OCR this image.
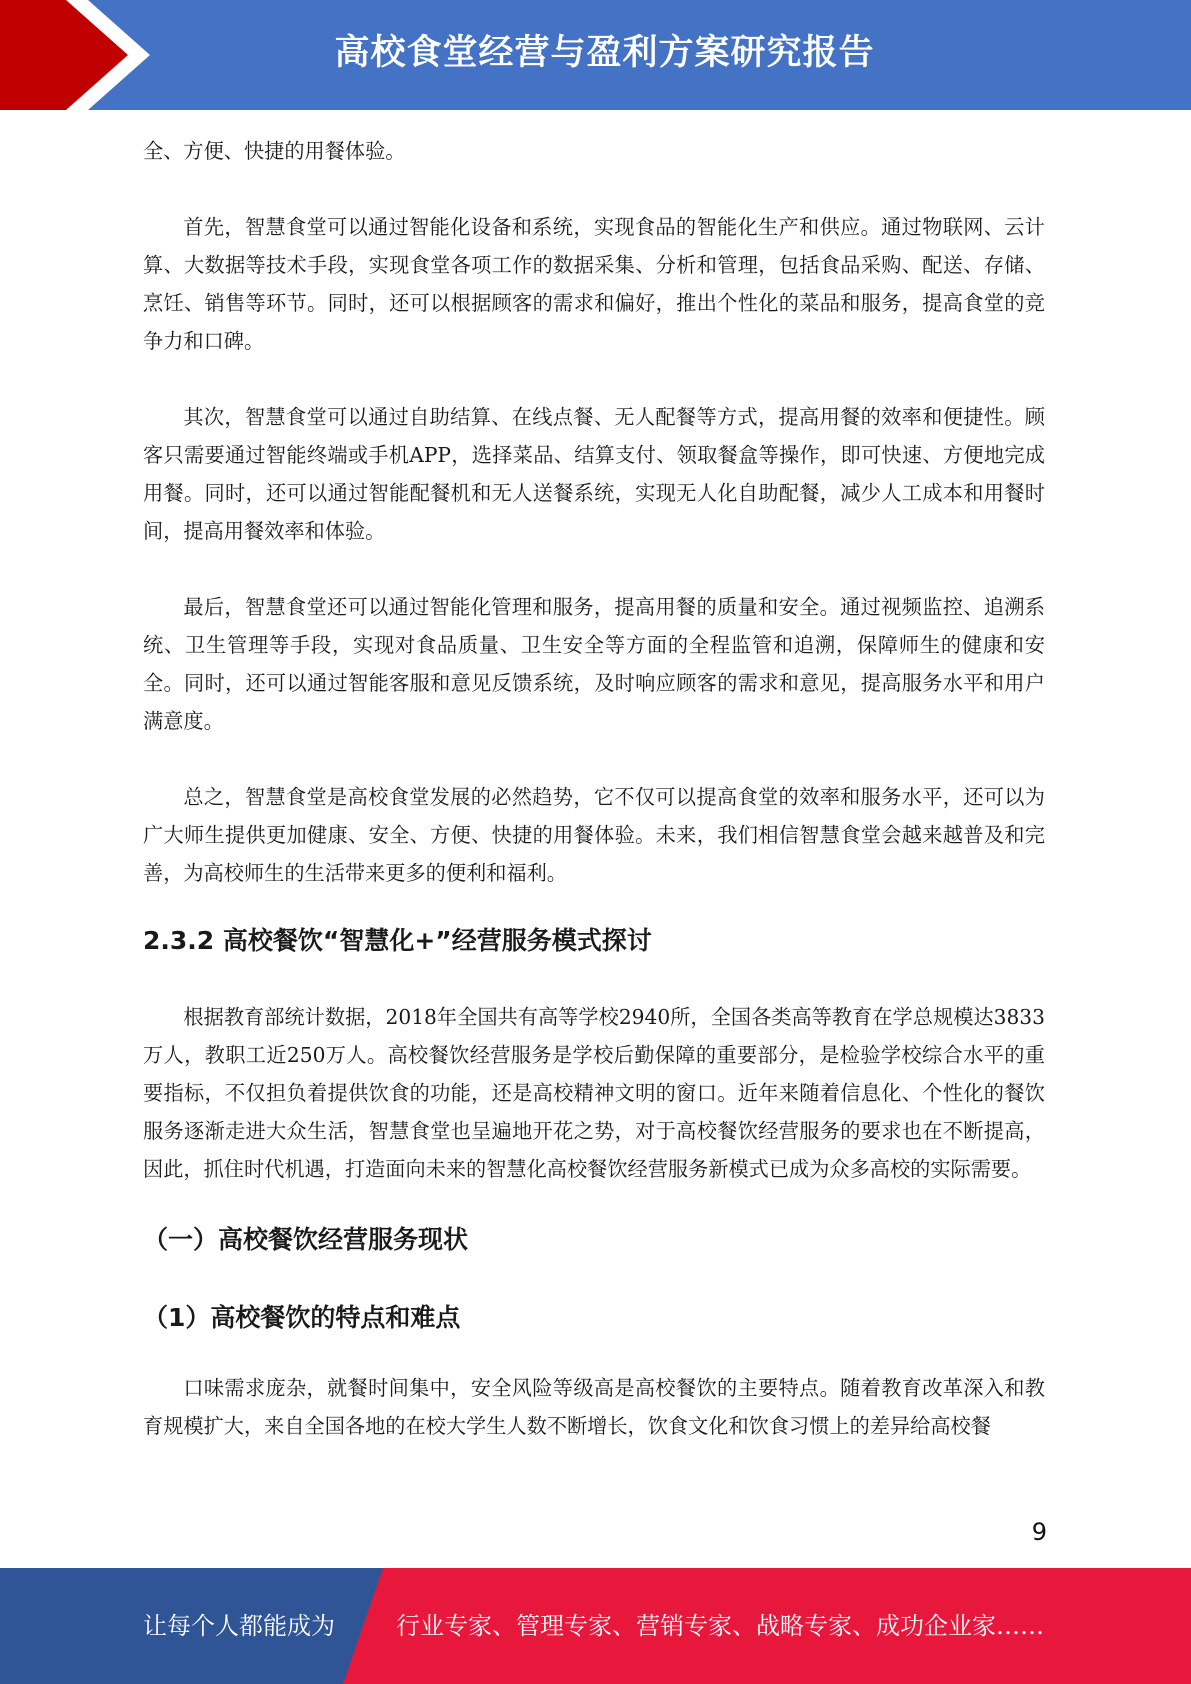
高校食堂经营与盈利方案研究报告

全、方便、快捷的用餐体验。

首先，智慧食堂可以通过智能化设备和系统，实现食品的智能化生产和供应。通过物联网、云计算、大数据等技术手段，实现食堂各项工作的数据采集、分析和管理，包括食品采购、配送、存储、烹饪、销售等环节。同时，还可以根据顾客的需求和偏好，推出个性化的菜品和服务，提高食堂的竞争力和口碑。

其次，智慧食堂可以通过自助结算、在线点餐、无人配餐等方式，提高用餐的效率和便捷性。顾客只需要通过智能终端或手机APP，选择菜品、结算支付、领取餐盒等操作，即可快速、方便地完成用餐。同时，还可以通过智能配餐机和无人送餐系统，实现无人化自助配餐，减少人工成本和用餐时间，提高用餐效率和体验。

最后，智慧食堂还可以通过智能化管理和服务，提高用餐的质量和安全。通过视频监控、追溯系统、卫生管理等手段，实现对食品质量、卫生安全等方面的全程监管和追溯，保障师生的健康和安全。同时，还可以通过智能客服和意见反馈系统，及时响应顾客的需求和意见，提高服务水平和用户满意度。

总之，智慧食堂是高校食堂发展的必然趋势，它不仅可以提高食堂的效率和服务水平，还可以为广大师生提供更加健康、安全、方便、快捷的用餐体验。未来，我们相信智慧食堂会越来越普及和完善，为高校师生的生活带来更多的便利和福利。

2.3.2 高校餐饮“智慧化+”经营服务模式探讨

根据教育部统计数据，2018年全国共有高等学校2940所，全国各类高等教育在学总规模达3833万人，教职工近250万人。高校餐饮经营服务是学校后勤保障的重要部分，是检验学校综合水平的重要指标，不仅担负着提供饮食的功能，还是高校精神文明的窗口。近年来随着信息化、个性化的餐饮服务逐渐走进大众生活，智慧食堂也呈遍地开花之势，对于高校餐饮经营服务的要求也在不断提高，因此，抓住时代机遇，打造面向未来的智慧化高校餐饮经营服务新模式已成为众多高校的实际需要。

（一）高校餐饮经营服务现状
（1）高校餐饮的特点和难点

口味需求庞杂，就餐时间集中，安全风险等级高是高校餐饮的主要特点。随着教育改革深入和教育规模扩大，来自全国各地的在校大学生人数不断增长，饮食文化和饮食习惯上的差异给高校餐

9
让每个人都能成为	行业专家、管理专家、营销专家、战略专家、成功企业家……
